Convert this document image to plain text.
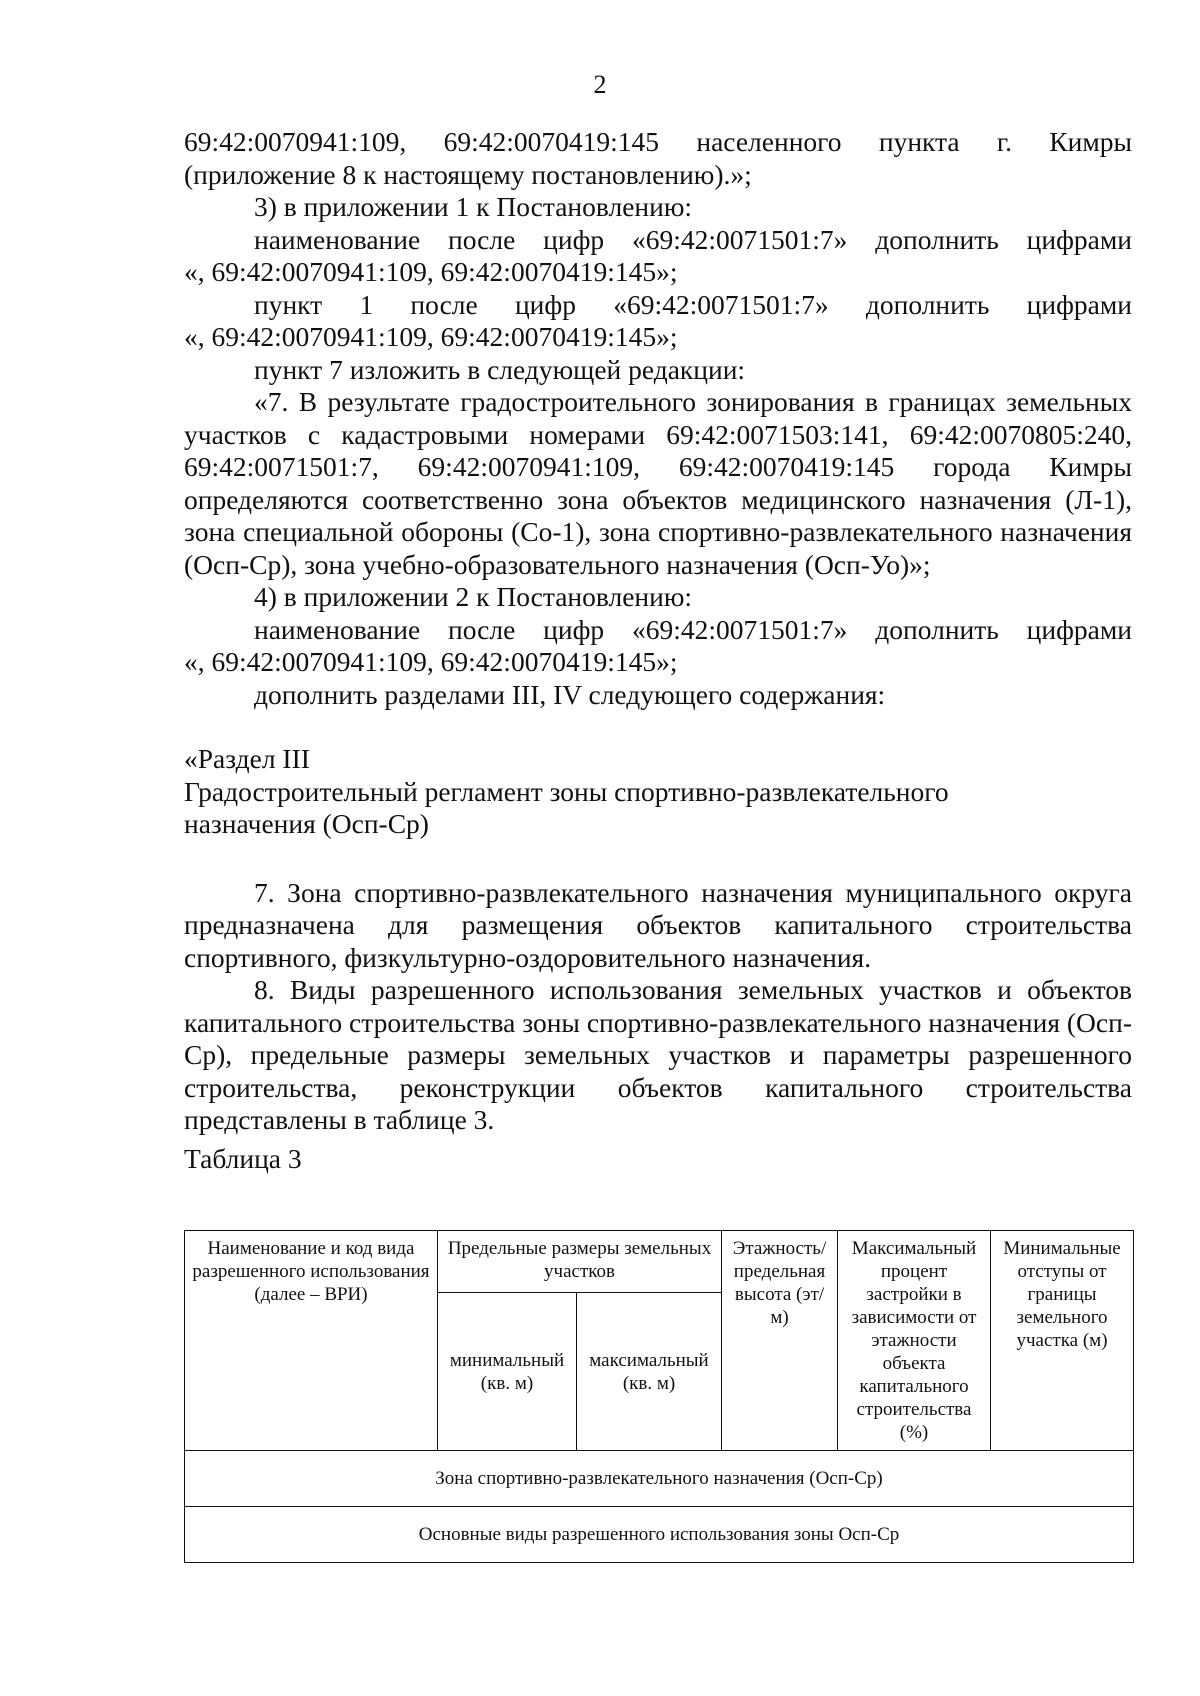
2

69:42:0070941:109, 69:42:0070419:145 населенного пункта г. Кимры

(приложение 8 к настоящему постановлению).»;

3) в приложении 1 к Постановлению:

наименование после цифр «69:42:0071501:7» дополнить цифрами

«, 69:42:0070941:109, 69:42:0070419:145»;

пункт 1 после цифр «69:42:0071501:7» дополнить цифрами

«, 69:42:0070941:109, 69:42:0070419:145»;

пункт 7 изложить в следующей редакции:

«7. В результате градостроительного зонирования в границах земельных участков с кадастровыми номерами 69:42:0071503:141, 69:42:0070805:240, 69:42:0071501:7, 69:42:0070941:109, 69:42:0070419:145 города Кимры определяются соответственно зона объектов медицинского назначения (Л-1), зона специальной обороны (Со-1), зона спортивно-развлекательного назначения (Осп-Ср), зона учебно-образовательного назначения (Осп-Уо)»;

4) в приложении 2 к Постановлению:

наименование после цифр «69:42:0071501:7» дополнить цифрами

«, 69:42:0070941:109, 69:42:0070419:145»;

дополнить разделами III, IV следующего содержания:

«Раздел III

Градостроительный регламент зоны спортивно-развлекательного

назначения (Осп-Ср)

7. Зона спортивно-развлекательного назначения муниципального округа предназначена для размещения объектов капитального строительства спортивного, физкультурно-оздоровительного назначения.

8. Виды разрешенного использования земельных участков и объектов капитального строительства зоны спортивно-развлекательного назначения (Осп-Ср), предельные размеры земельных участков и параметры разрешенного строительства, реконструкции объектов капитального строительства представлены в таблице 3.

Таблица 3

Наименование и код вида разрешенного использования (далее – ВРИ)	Предельные размеры земельных участков		Этажность/ предельная высота (эт/м)	Максимальный процент застройки в зависимости от этажности объекта капитального строительства (%)	Минимальные отступы от границы земельного участка (м)
	минимальный (кв. м)	максимальный (кв. м)			
Зона спортивно-развлекательного назначения (Осп-Ср)					
Основные виды разрешенного использования зоны Осп-Ср					
